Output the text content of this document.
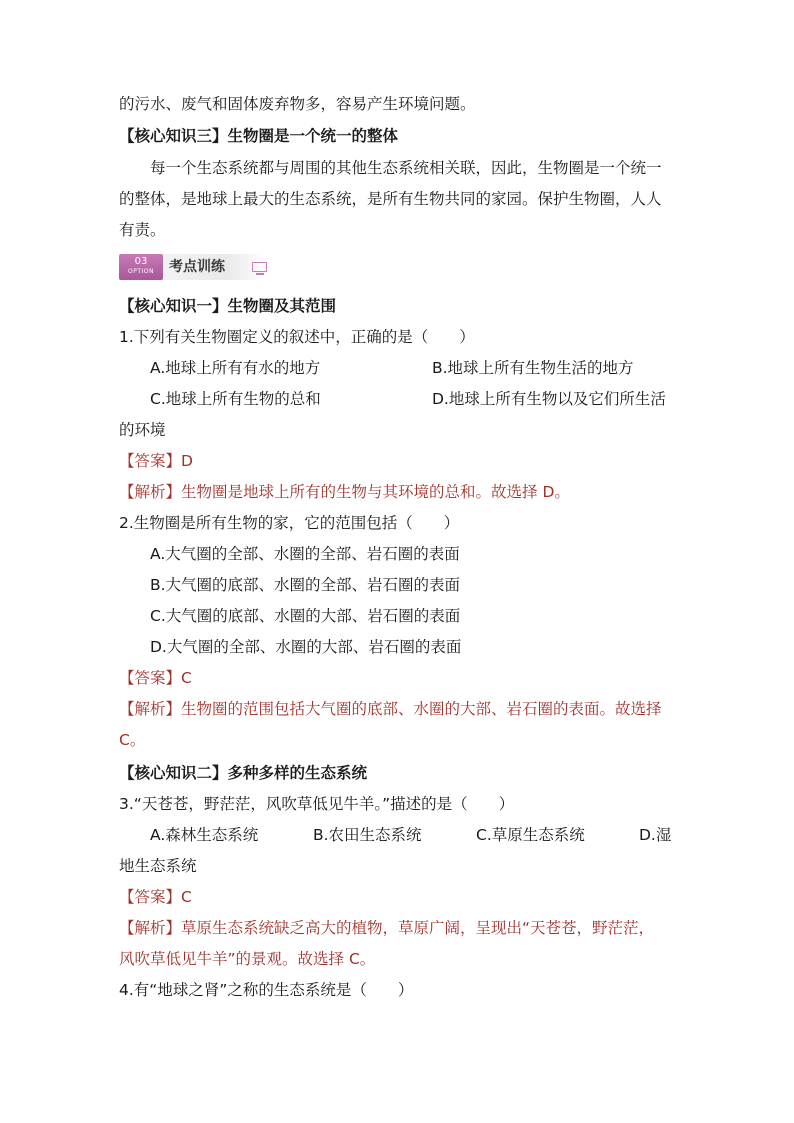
的污水、废气和固体废弃物多，容易产生环境问题。
【核心知识三】生物圈是一个统一的整体
每一个生态系统都与周围的其他生态系统相关联，因此，生物圈是一个统一
的整体，是地球上最大的生态系统，是所有生物共同的家园。保护生物圈，人人
有责。
03
OPTION	考点训练
【核心知识一】生物圈及其范围
1.下列有关生物圈定义的叙述中，正确的是（　　）
A.地球上所有有水的地方	B.地球上所有生物生活的地方
C.地球上所有生物的总和	D.地球上所有生物以及它们所生活
的环境
【答案】D
【解析】生物圈是地球上所有的生物与其环境的总和。故选择 D。
2.生物圈是所有生物的家，它的范围包括（　　）
A.大气圈的全部、水圈的全部、岩石圈的表面
B.大气圈的底部、水圈的全部、岩石圈的表面
C.大气圈的底部、水圈的大部、岩石圈的表面
D.大气圈的全部、水圈的大部、岩石圈的表面
【答案】C
【解析】生物圈的范围包括大气圈的底部、水圈的大部、岩石圈的表面。故选择
C。
【核心知识二】多种多样的生态系统
3.“天苍苍，野茫茫，风吹草低见牛羊。”描述的是（　　）
A.森林生态系统	B.农田生态系统	C.草原生态系统	D.湿
地生态系统
【答案】C
【解析】草原生态系统缺乏高大的植物，草原广阔，呈现出“天苍苍，野茫茫，
风吹草低见牛羊”的景观。故选择 C。
4.有“地球之肾”之称的生态系统是（　　）
